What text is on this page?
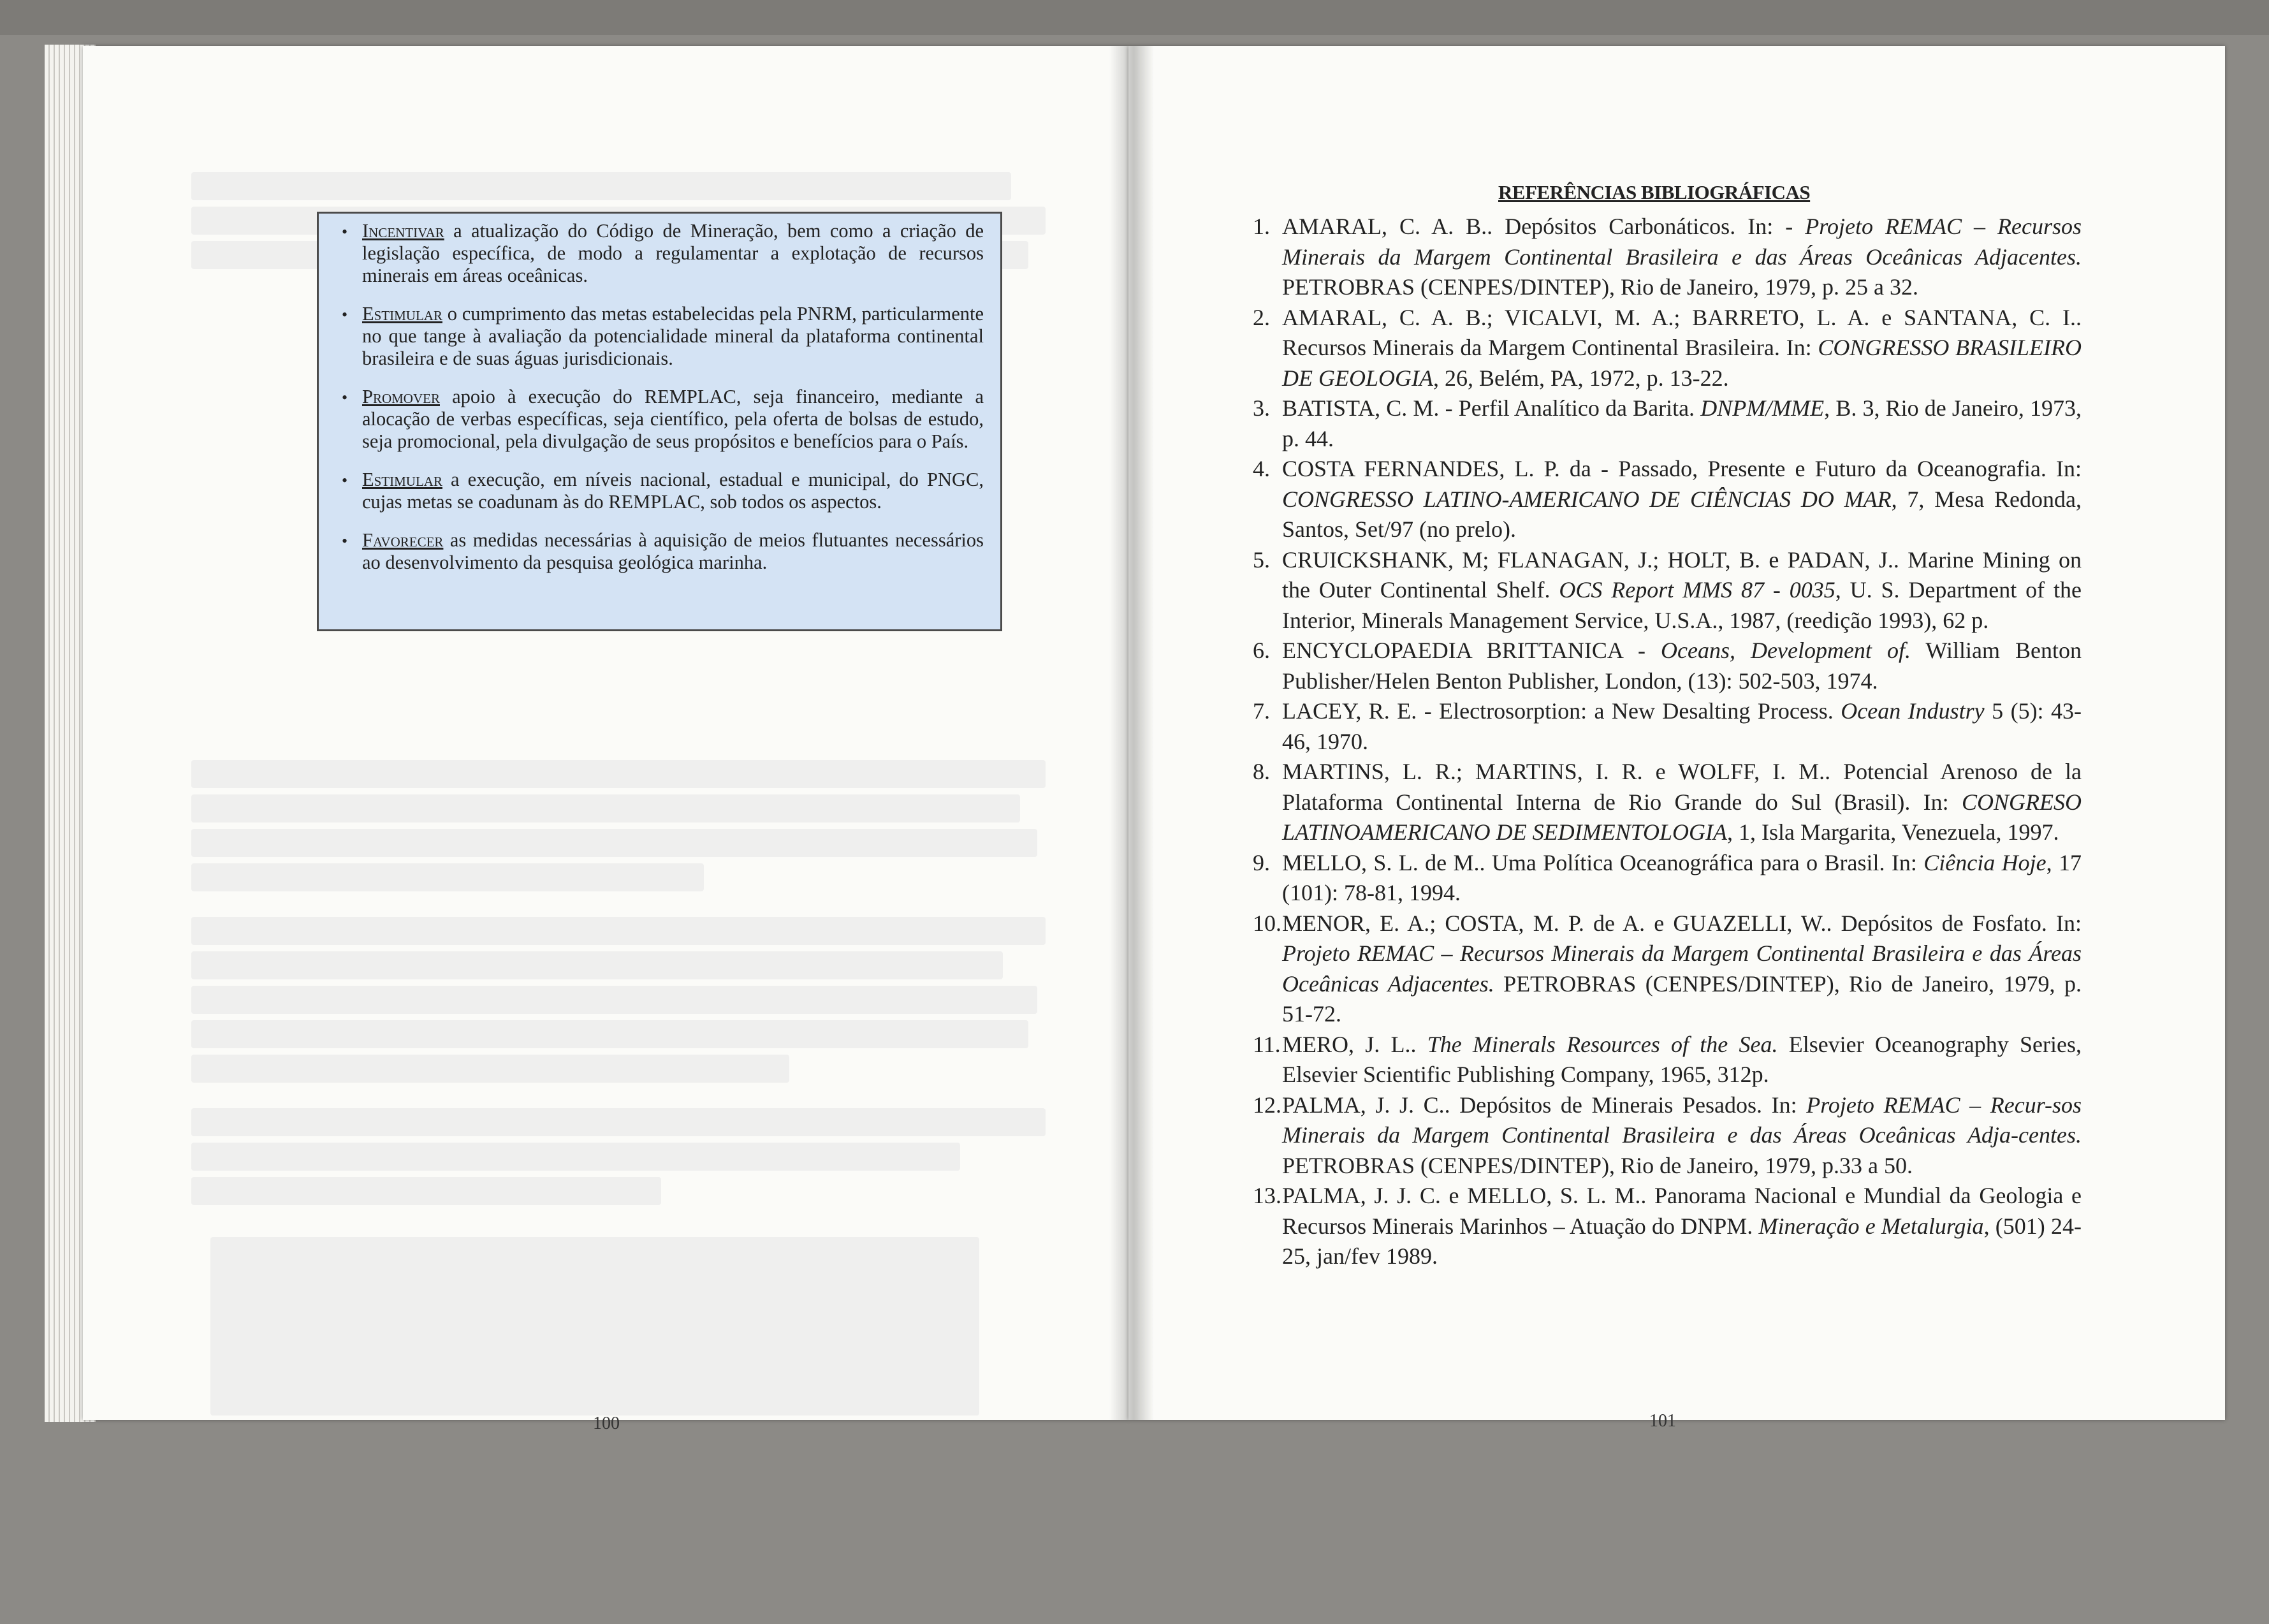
• Incentivar a atualização do Código de Mineração, bem como a criação de legislação específica, de modo a regulamentar a explotação de recursos minerais em áreas oceânicas.
• Estimular o cumprimento das metas estabelecidas pela PNRM, particularmente no que tange à avaliação da potencialidade mineral da plataforma continental brasileira e de suas águas jurisdicionais.
• Promover apoio à execução do REMPLAC, seja financeiro, mediante a alocação de verbas específicas, seja científico, pela oferta de bolsas de estudo, seja promocional, pela divulgação de seus propósitos e benefícios para o País.
• Estimular a execução, em níveis nacional, estadual e municipal, do PNGC, cujas metas se coadunam às do REMPLAC, sob todos os aspectos.
• Favorecer as medidas necessárias à aquisição de meios flutuantes necessários ao desenvolvimento da pesquisa geológica marinha.
100
REFERÊNCIAS BIBLIOGRÁFICAS
1. AMARAL, C. A. B.. Depósitos Carbonáticos. In: - Projeto REMAC – Recursos Minerais da Margem Continental Brasileira e das Áreas Oceânicas Adjacentes. PETROBRAS (CENPES/DINTEP), Rio de Janeiro, 1979, p. 25 a 32.
2. AMARAL, C. A. B.; VICALVI, M. A.; BARRETO, L. A. e SANTANA, C. I.. Recursos Minerais da Margem Continental Brasileira. In: CONGRESSO BRASILEIRO DE GEOLOGIA, 26, Belém, PA, 1972, p. 13-22.
3. BATISTA, C. M. - Perfil Analítico da Barita. DNPM/MME, B. 3, Rio de Janeiro, 1973, p. 44.
4. COSTA FERNANDES, L. P. da - Passado, Presente e Futuro da Oceanografia. In: CONGRESSO LATINO-AMERICANO DE CIÊNCIAS DO MAR, 7, Mesa Redonda, Santos, Set/97 (no prelo).
5. CRUICKSHANK, M; FLANAGAN, J.; HOLT, B. e PADAN, J.. Marine Mining on the Outer Continental Shelf. OCS Report MMS 87 - 0035, U. S. Department of the Interior, Minerals Management Service, U.S.A., 1987, (reedição 1993), 62 p.
6. ENCYCLOPAEDIA BRITTANICA - Oceans, Development of. William Benton Publisher/Helen Benton Publisher, London, (13): 502-503, 1974.
7. LACEY, R. E. - Electrosorption: a New Desalting Process. Ocean Industry 5 (5): 43-46, 1970.
8. MARTINS, L. R.; MARTINS, I. R. e WOLFF, I. M.. Potencial Arenoso de la Plataforma Continental Interna de Rio Grande do Sul (Brasil). In: CONGRESO LATINOAMERICANO DE SEDIMENTOLOGIA, 1, Isla Margarita, Venezuela, 1997.
9. MELLO, S. L. de M.. Uma Política Oceanográfica para o Brasil. In: Ciência Hoje, 17 (101): 78-81, 1994.
10. MENOR, E. A.; COSTA, M. P. de A. e GUAZELLI, W.. Depósitos de Fosfato. In: Projeto REMAC – Recursos Minerais da Margem Continental Brasileira e das Áreas Oceânicas Adjacentes. PETROBRAS (CENPES/DINTEP), Rio de Janeiro, 1979, p. 51-72.
11. MERO, J. L.. The Minerals Resources of the Sea. Elsevier Oceanography Series, Elsevier Scientific Publishing Company, 1965, 312p.
12. PALMA, J. J. C.. Depósitos de Minerais Pesados. In: Projeto REMAC – Recur-sos Minerais da Margem Continental Brasileira e das Áreas Oceânicas Adja-centes. PETROBRAS (CENPES/DINTEP), Rio de Janeiro, 1979, p.33 a 50.
13. PALMA, J. J. C. e MELLO, S. L. M.. Panorama Nacional e Mundial da Geologia e Recursos Minerais Marinhos – Atuação do DNPM. Mineração e Metalurgia, (501) 24-25, jan/fev 1989.
101
